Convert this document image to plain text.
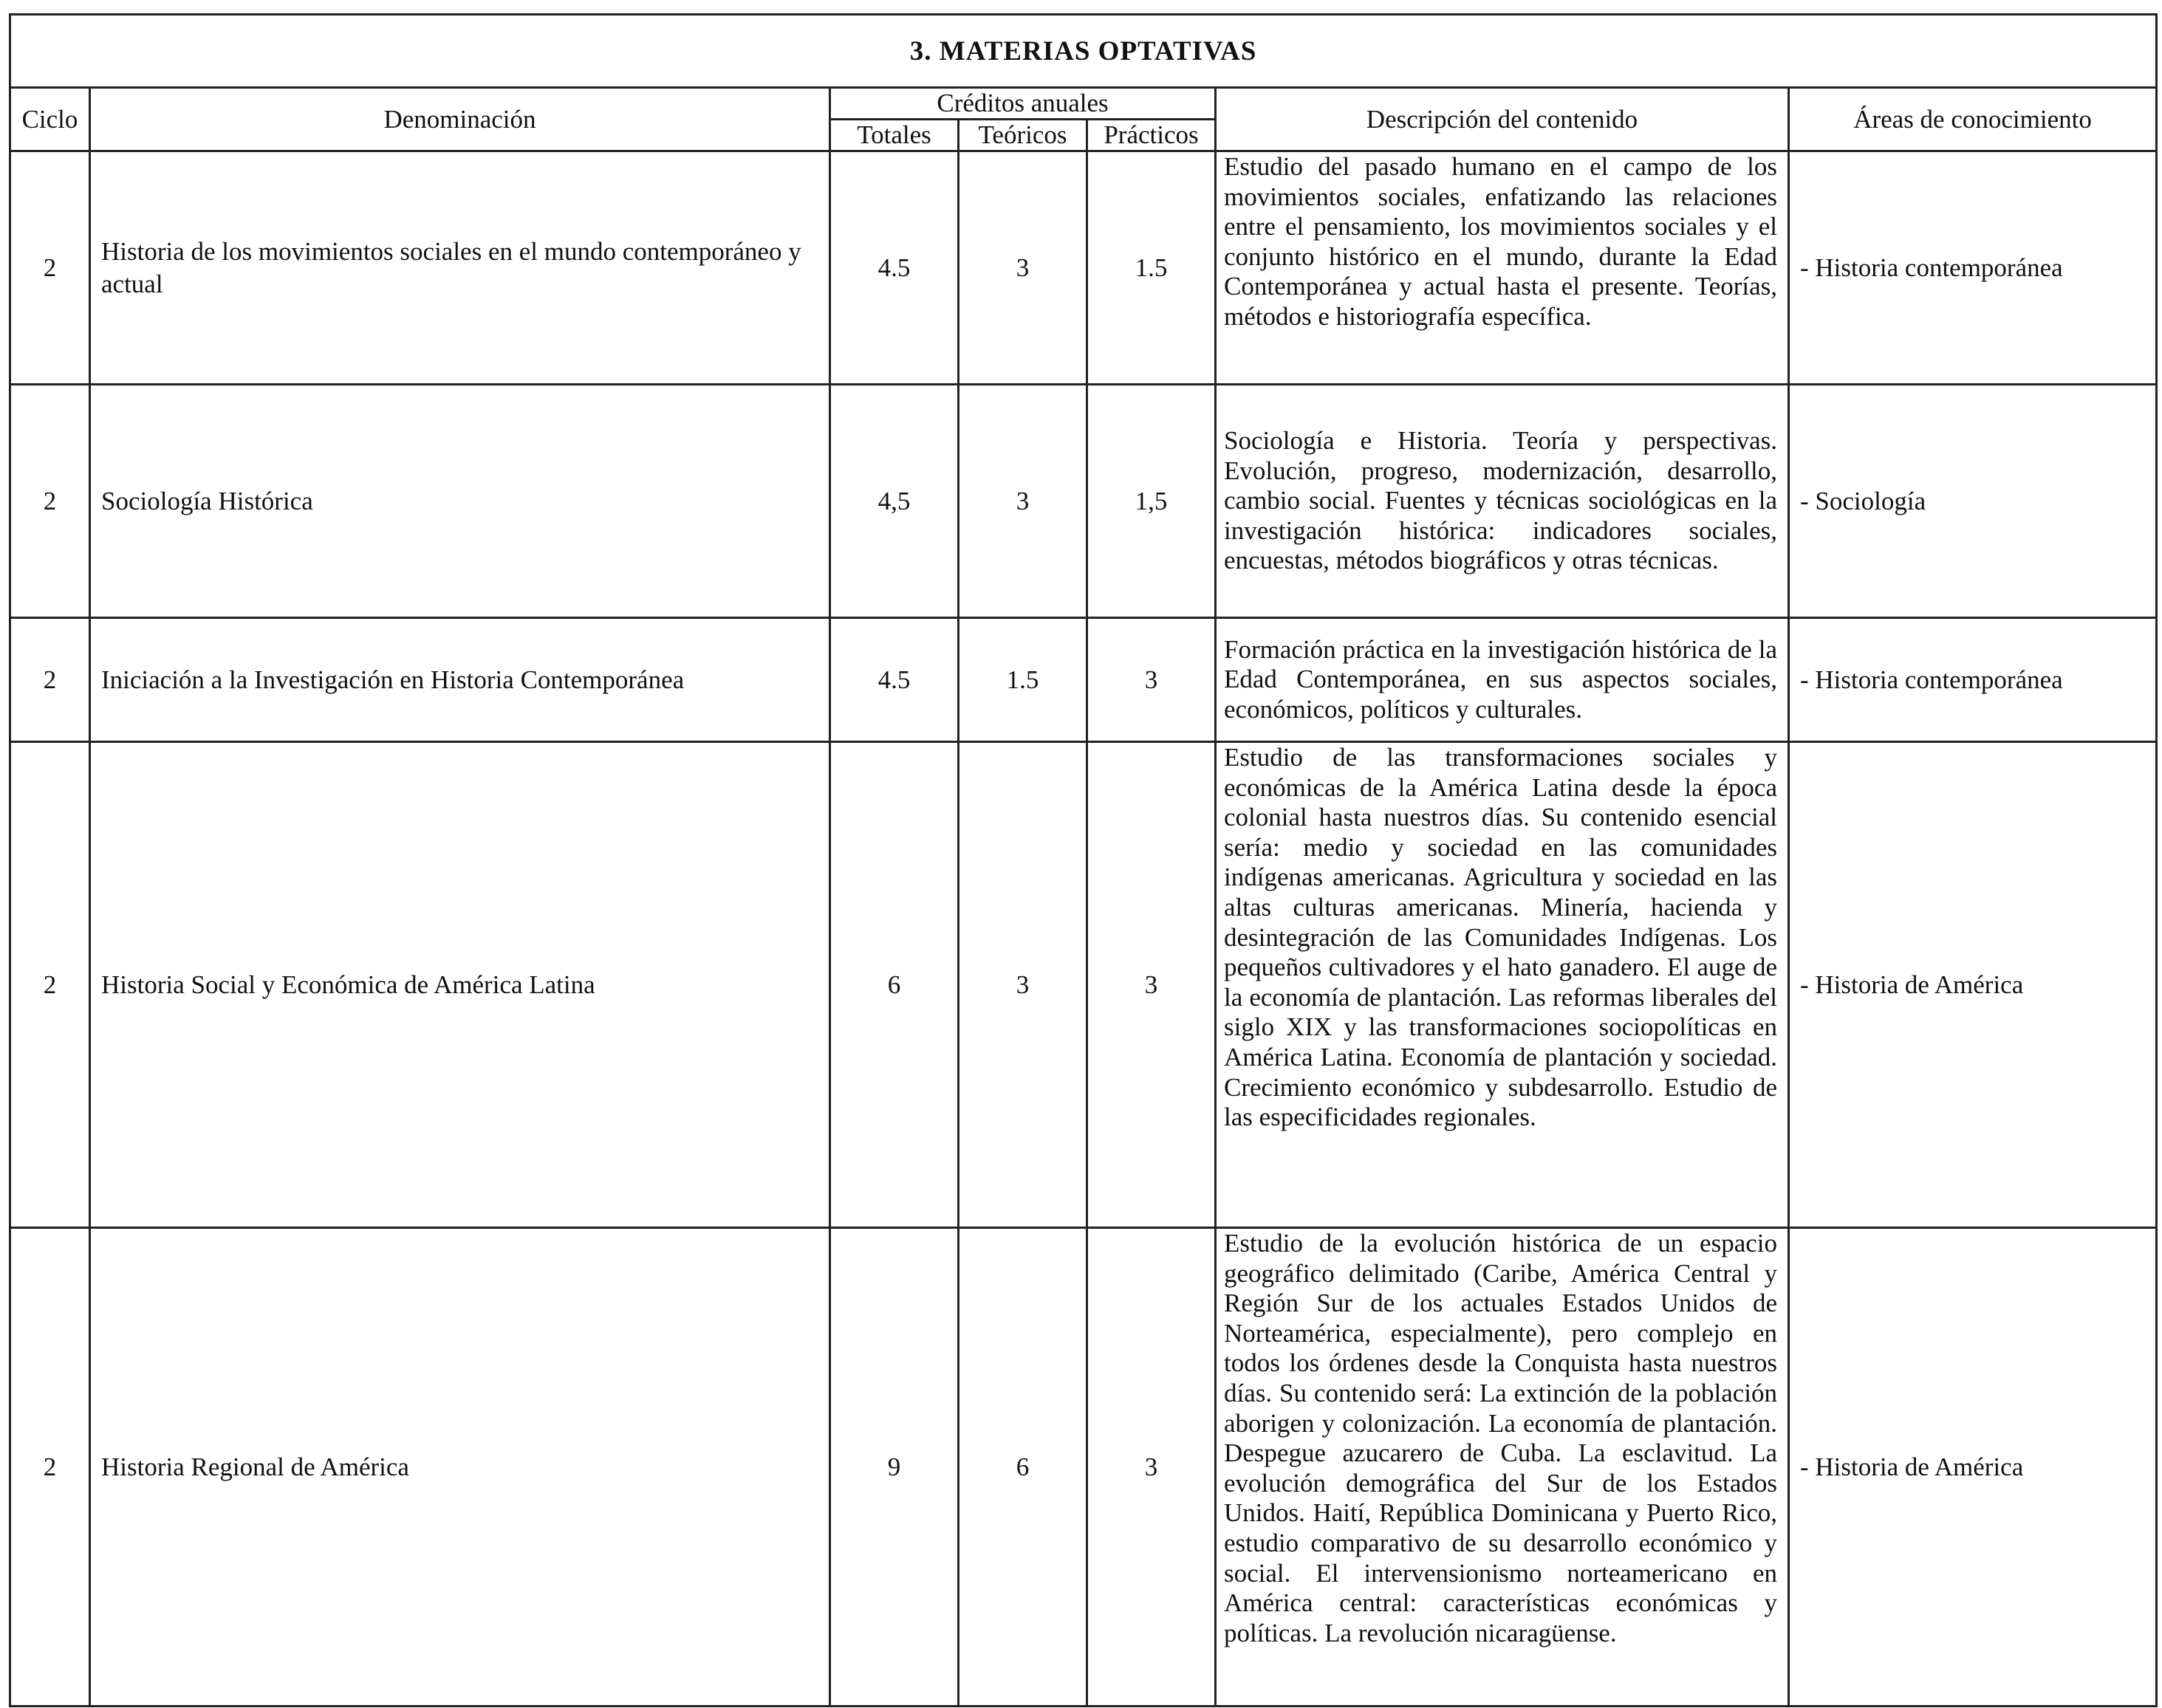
3. MATERIAS OPTATIVAS						
Ciclo	Denominación	Créditos anuales			Descripción del contenido	Áreas de conocimiento
		Totales	Teóricos	Prácticos		
2	Historia de los movimientos sociales en el mundo contemporáneo y actual	4.5	3	1.5	Estudio del pasado humano en el campo de los movimientos sociales, enfatizando las relaciones entre el pensamiento, los movimientos sociales y el conjunto histórico en el mundo, durante la Edad Contemporánea y actual hasta el presente. Teorías, métodos e historiografía específica.	- Historia contemporánea
2	Sociología Histórica	4,5	3	1,5	Sociología e Historia. Teoría y perspectivas. Evolución, progreso, modernización, desarrollo, cambio social. Fuentes y técnicas sociológicas en la investigación histórica: indicadores sociales, encuestas, métodos biográficos y otras técnicas.	- Sociología
2	Iniciación a la Investigación en Historia Contemporánea	4.5	1.5	3	Formación práctica en la investigación histórica de la Edad Contemporánea, en sus aspectos sociales, económicos, políticos y culturales.	- Historia contemporánea
2	Historia Social y Económica de América Latina	6	3	3	Estudio de las transformaciones sociales y económicas de la América Latina desde la época colonial hasta nuestros días. Su contenido esencial sería: medio y sociedad en las comunidades indígenas americanas. Agricultura y sociedad en las altas culturas americanas. Minería, hacienda y desintegración de las Comunidades Indígenas. Los pequeños cultivadores y el hato ganadero. El auge de la economía de plantación. Las reformas liberales del siglo XIX y las transformaciones sociopolíticas en América Latina. Economía de plantación y sociedad. Crecimiento económico y subdesarrollo. Estudio de las especificidades regionales.	- Historia de América
2	Historia Regional de América	9	6	3	Estudio de la evolución histórica de un espacio geográfico delimitado (Caribe, América Central y Región Sur de los actuales Estados Unidos de Norteamérica, especialmente), pero complejo en todos los órdenes desde la Conquista hasta nuestros días. Su contenido será: La extinción de la población aborigen y colonización. La economía de plantación. Despegue azucarero de Cuba. La esclavitud. La evolución demográfica del Sur de los Estados Unidos. Haití, República Dominicana y Puerto Rico, estudio comparativo de su desarrollo económico y social. El intervensionismo norteamericano en América central: características económicas y políticas. La revolución nicaragüense.	- Historia de América
